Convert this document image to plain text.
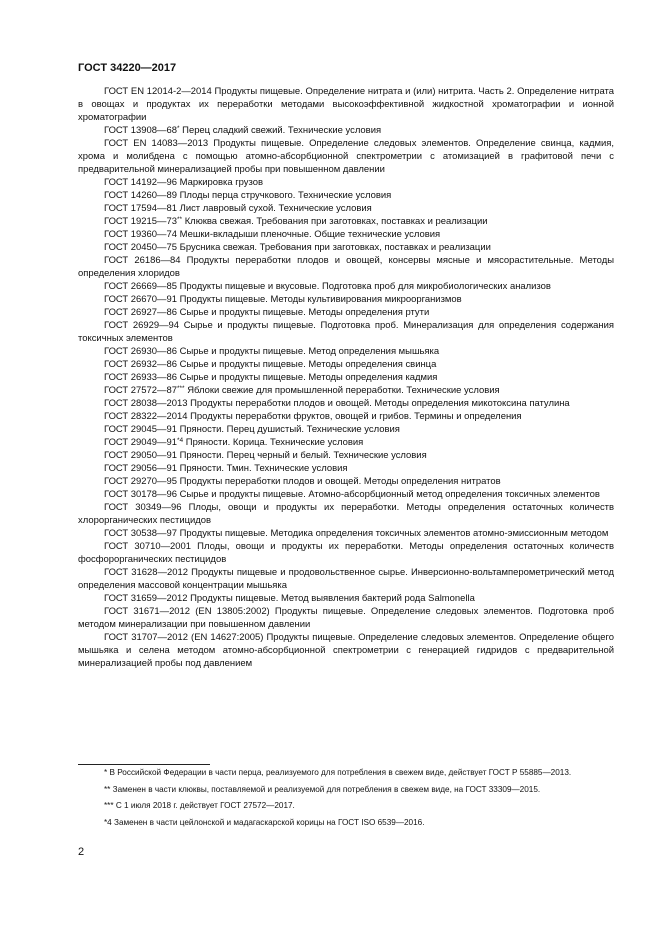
ГОСТ 34220—2017

ГОСТ EN 12014-2—2014 Продукты пищевые. Определение нитрата и (или) нитрита. Часть 2. Определение нитрата в овощах и продуктах их переработки методами высокоэффективной жидкостной хроматографии и ионной хроматографии

ГОСТ 13908—68* Перец сладкий свежий. Технические условия

ГОСТ EN 14083—2013 Продукты пищевые. Определение следовых элементов. Определение свинца, кадмия, хрома и молибдена с помощью атомно-абсорбционной спектрометрии с атомизацией в графитовой печи с предварительной минерализацией пробы при повышенном давлении

ГОСТ 14192—96 Маркировка грузов

ГОСТ 14260—89 Плоды перца стручкового. Технические условия

ГОСТ 17594—81 Лист лавровый сухой. Технические условия

ГОСТ 19215—73** Клюква свежая. Требования при заготовках, поставках и реализации

ГОСТ 19360—74 Мешки-вкладыши пленочные. Общие технические условия

ГОСТ 20450—75 Брусника свежая. Требования при заготовках, поставках и реализации

ГОСТ 26186—84 Продукты переработки плодов и овощей, консервы мясные и мясорастительные. Методы определения хлоридов

ГОСТ 26669—85 Продукты пищевые и вкусовые. Подготовка проб для микробиологических анализов

ГОСТ 26670—91 Продукты пищевые. Методы культивирования микроорганизмов

ГОСТ 26927—86 Сырье и продукты пищевые. Методы определения ртути

ГОСТ 26929—94 Сырье и продукты пищевые. Подготовка проб. Минерализация для определения содержания токсичных элементов

ГОСТ 26930—86 Сырье и продукты пищевые. Метод определения мышьяка

ГОСТ 26932—86 Сырье и продукты пищевые. Методы определения свинца

ГОСТ 26933—86 Сырье и продукты пищевые. Методы определения кадмия

ГОСТ 27572—87*** Яблоки свежие для промышленной переработки. Технические условия

ГОСТ 28038—2013 Продукты переработки плодов и овощей. Методы определения микотоксина патулина

ГОСТ 28322—2014 Продукты переработки фруктов, овощей и грибов. Термины и определения

ГОСТ 29045—91 Пряности. Перец душистый. Технические условия

ГОСТ 29049—91$^{*4}$ Пряности. Корица. Технические условия

ГОСТ 29050—91 Пряности. Перец черный и белый. Технические условия

ГОСТ 29056—91 Пряности. Тмин. Технические условия

ГОСТ 29270—95 Продукты переработки плодов и овощей. Методы определения нитратов

ГОСТ 30178—96 Сырье и продукты пищевые. Атомно-абсорбционный метод определения токсичных элементов

ГОСТ 30349—96 Плоды, овощи и продукты их переработки. Методы определения остаточных количеств хлорорганических пестицидов

ГОСТ 30538—97 Продукты пищевые. Методика определения токсичных элементов атомно-эмиссионным методом

ГОСТ 30710—2001 Плоды, овощи и продукты их переработки. Методы определения остаточных количеств фосфорорганических пестицидов

ГОСТ 31628—2012 Продукты пищевые и продовольственное сырье. Инверсионно-вольтамперометрический метод определения массовой концентрации мышьяка

ГОСТ 31659—2012 Продукты пищевые. Метод выявления бактерий рода Salmonella

ГОСТ 31671—2012 (EN 13805:2002) Продукты пищевые. Определение следовых элементов. Подготовка проб методом минерализации при повышенном давлении

ГОСТ 31707—2012 (EN 14627:2005) Продукты пищевые. Определение следовых элементов. Определение общего мышьяка и селена методом атомно-абсорбционной спектрометрии с генерацией гидридов с предварительной минерализацией пробы под давлением

* В Российской Федерации в части перца, реализуемого для потребления в свежем виде, действует ГОСТ Р 55885—2013.

** Заменен в части клюквы, поставляемой и реализуемой для потребления в свежем виде, на ГОСТ 33309—2015.

*** С 1 июля 2018 г. действует ГОСТ 27572—2017.

*4 Заменен в части цейлонской и мадагаскарской корицы на ГОСТ ISO 6539—2016.

2
